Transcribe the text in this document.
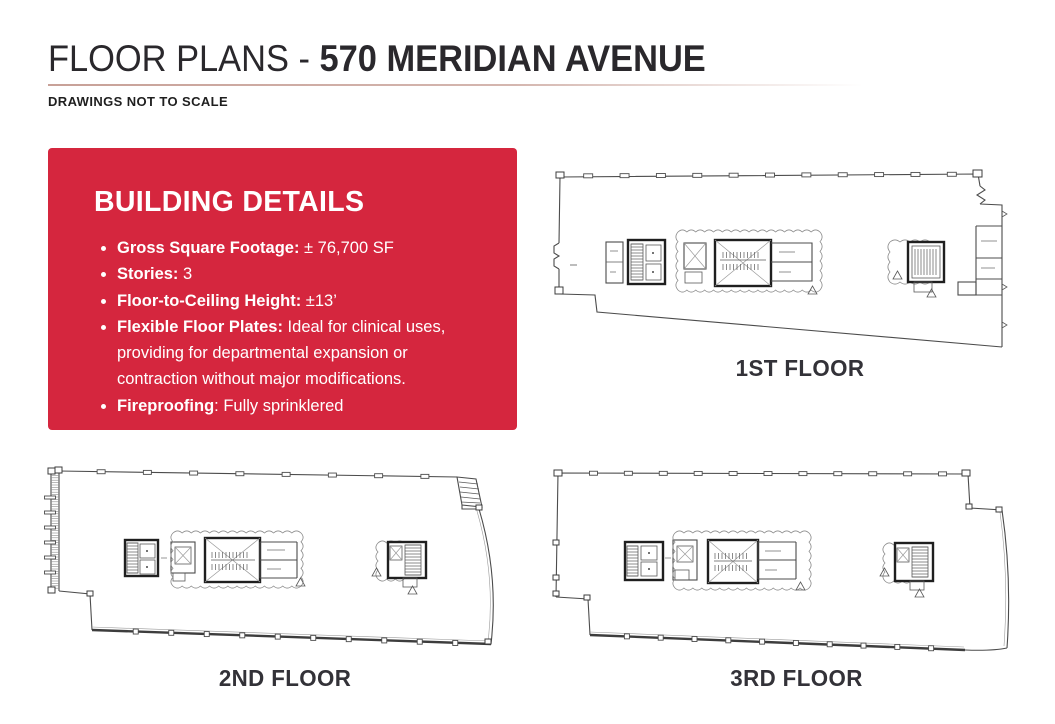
FLOOR PLANS - 570 MERIDIAN AVENUE
DRAWINGS NOT TO SCALE
BUILDING DETAILS
• Gross Square Footage: ± 76,700 SF
• Stories: 3
• Floor-to-Ceiling Height: ±13’
• Flexible Floor Plates: Ideal for clinical uses, providing for departmental expansion or contraction without major modifications.
• Fireproofing: Fully sprinklered
1ST FLOOR
2ND FLOOR	3RD FLOOR
